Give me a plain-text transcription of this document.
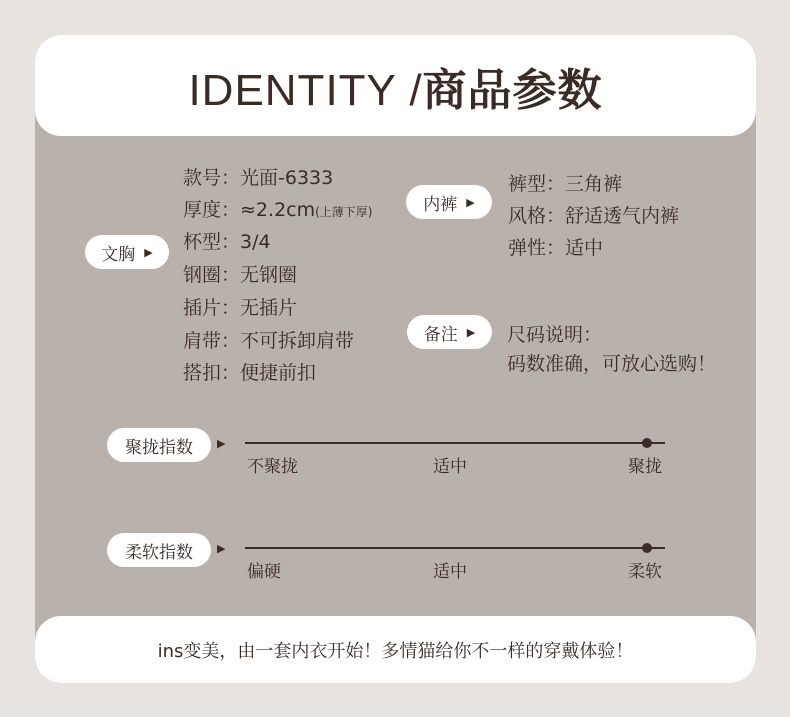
IDENTITY /商品参数
文胸 ▶
款号：光面-6333
厚度：≈2.2cm(上薄下厚)
杯型：3/4
钢圈：无钢圈
插片：无插片
肩带：不可拆卸肩带
搭扣：便捷前扣
内裤 ▶
裤型：三角裤
风格：舒适透气内裤
弹性：适中
备注 ▶ 尺码说明：
码数准确，可放心选购！
聚拢指数 ▶
不聚拢	适中	聚拢
柔软指数 ▶
偏硬	适中	柔软
ins变美，由一套内衣开始！多情猫给你不一样的穿戴体验！
